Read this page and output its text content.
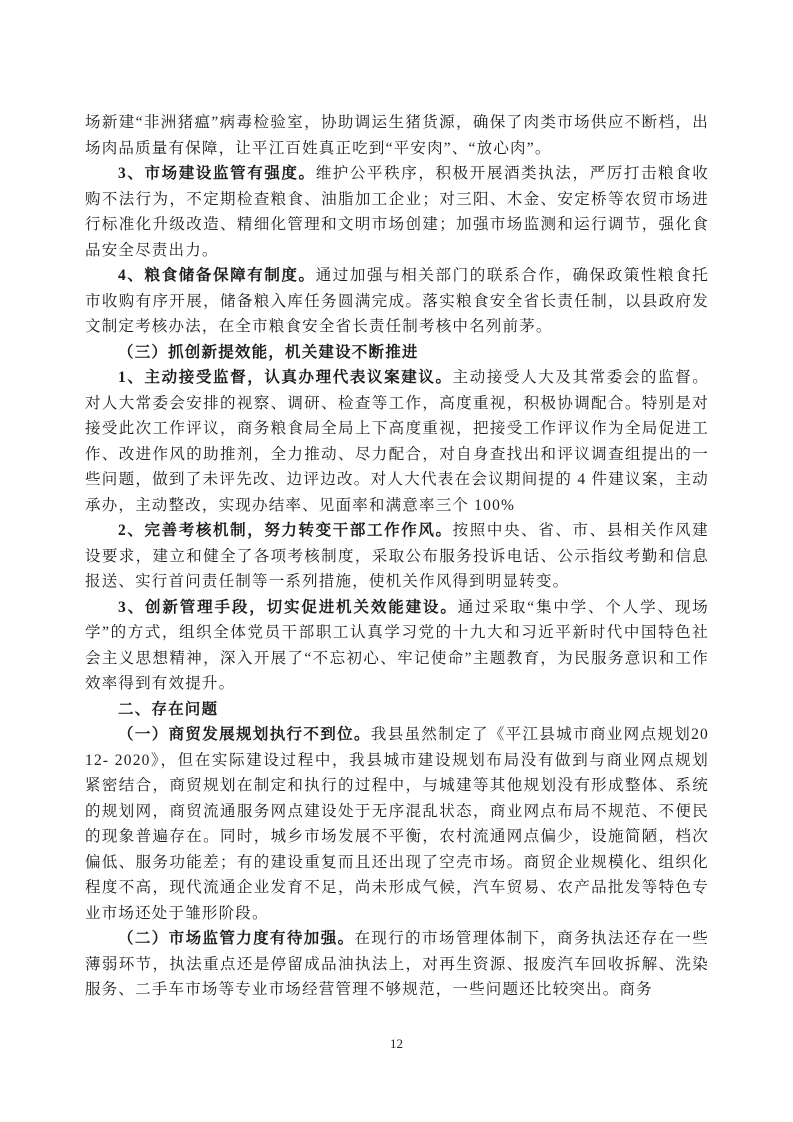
场新建“非洲猪瘟”病毒检验室，协助调运生猪货源，确保了肉类市场供应不断档，出场肉品质量有保障，让平江百姓真正吃到“平安肉”、“放心肉”。

3、市场建设监管有强度。维护公平秩序，积极开展酒类执法，严厉打击粮食收购不法行为，不定期检查粮食、油脂加工企业；对三阳、木金、安定桥等农贸市场进行标准化升级改造、精细化管理和文明市场创建；加强市场监测和运行调节，强化食品安全尽责出力。

4、粮食储备保障有制度。通过加强与相关部门的联系合作，确保政策性粮食托市收购有序开展，储备粮入库任务圆满完成。落实粮食安全省长责任制，以县政府发文制定考核办法，在全市粮食安全省长责任制考核中名列前茅。

（三）抓创新提效能，机关建设不断推进

1、主动接受监督，认真办理代表议案建议。主动接受人大及其常委会的监督。对人大常委会安排的视察、调研、检查等工作，高度重视，积极协调配合。特别是对接受此次工作评议，商务粮食局全局上下高度重视，把接受工作评议作为全局促进工作、改进作风的助推剂，全力推动、尽力配合，对自身查找出和评议调查组提出的一些问题，做到了未评先改、边评边改。对人大代表在会议期间提的 4 件建议案，主动承办，主动整改，实现办结率、见面率和满意率三个 100%

2、完善考核机制，努力转变干部工作作风。按照中央、省、市、县相关作风建设要求，建立和健全了各项考核制度，采取公布服务投诉电话、公示指纹考勤和信息报送、实行首问责任制等一系列措施，使机关作风得到明显转变。

3、创新管理手段，切实促进机关效能建设。通过采取“集中学、个人学、现场学”的方式，组织全体党员干部职工认真学习党的十九大和习近平新时代中国特色社会主义思想精神，深入开展了“不忘初心、牢记使命”主题教育，为民服务意识和工作效率得到有效提升。

二、存在问题

（一）商贸发展规划执行不到位。我县虽然制定了《平江县城市商业网点规划2012- 2020》，但在实际建设过程中，我县城市建设规划布局没有做到与商业网点规划紧密结合，商贸规划在制定和执行的过程中，与城建等其他规划没有形成整体、系统的规划网，商贸流通服务网点建设处于无序混乱状态，商业网点布局不规范、不便民的现象普遍存在。同时，城乡市场发展不平衡，农村流通网点偏少，设施简陋，档次偏低、服务功能差；有的建设重复而且还出现了空壳市场。商贸企业规模化、组织化程度不高，现代流通企业发育不足，尚未形成气候，汽车贸易、农产品批发等特色专业市场还处于雏形阶段。

（二）市场监管力度有待加强。在现行的市场管理体制下，商务执法还存在一些薄弱环节，执法重点还是停留成品油执法上，对再生资源、报废汽车回收拆解、洗染服务、二手车市场等专业市场经营管理不够规范，一些问题还比较突出。商务

12
